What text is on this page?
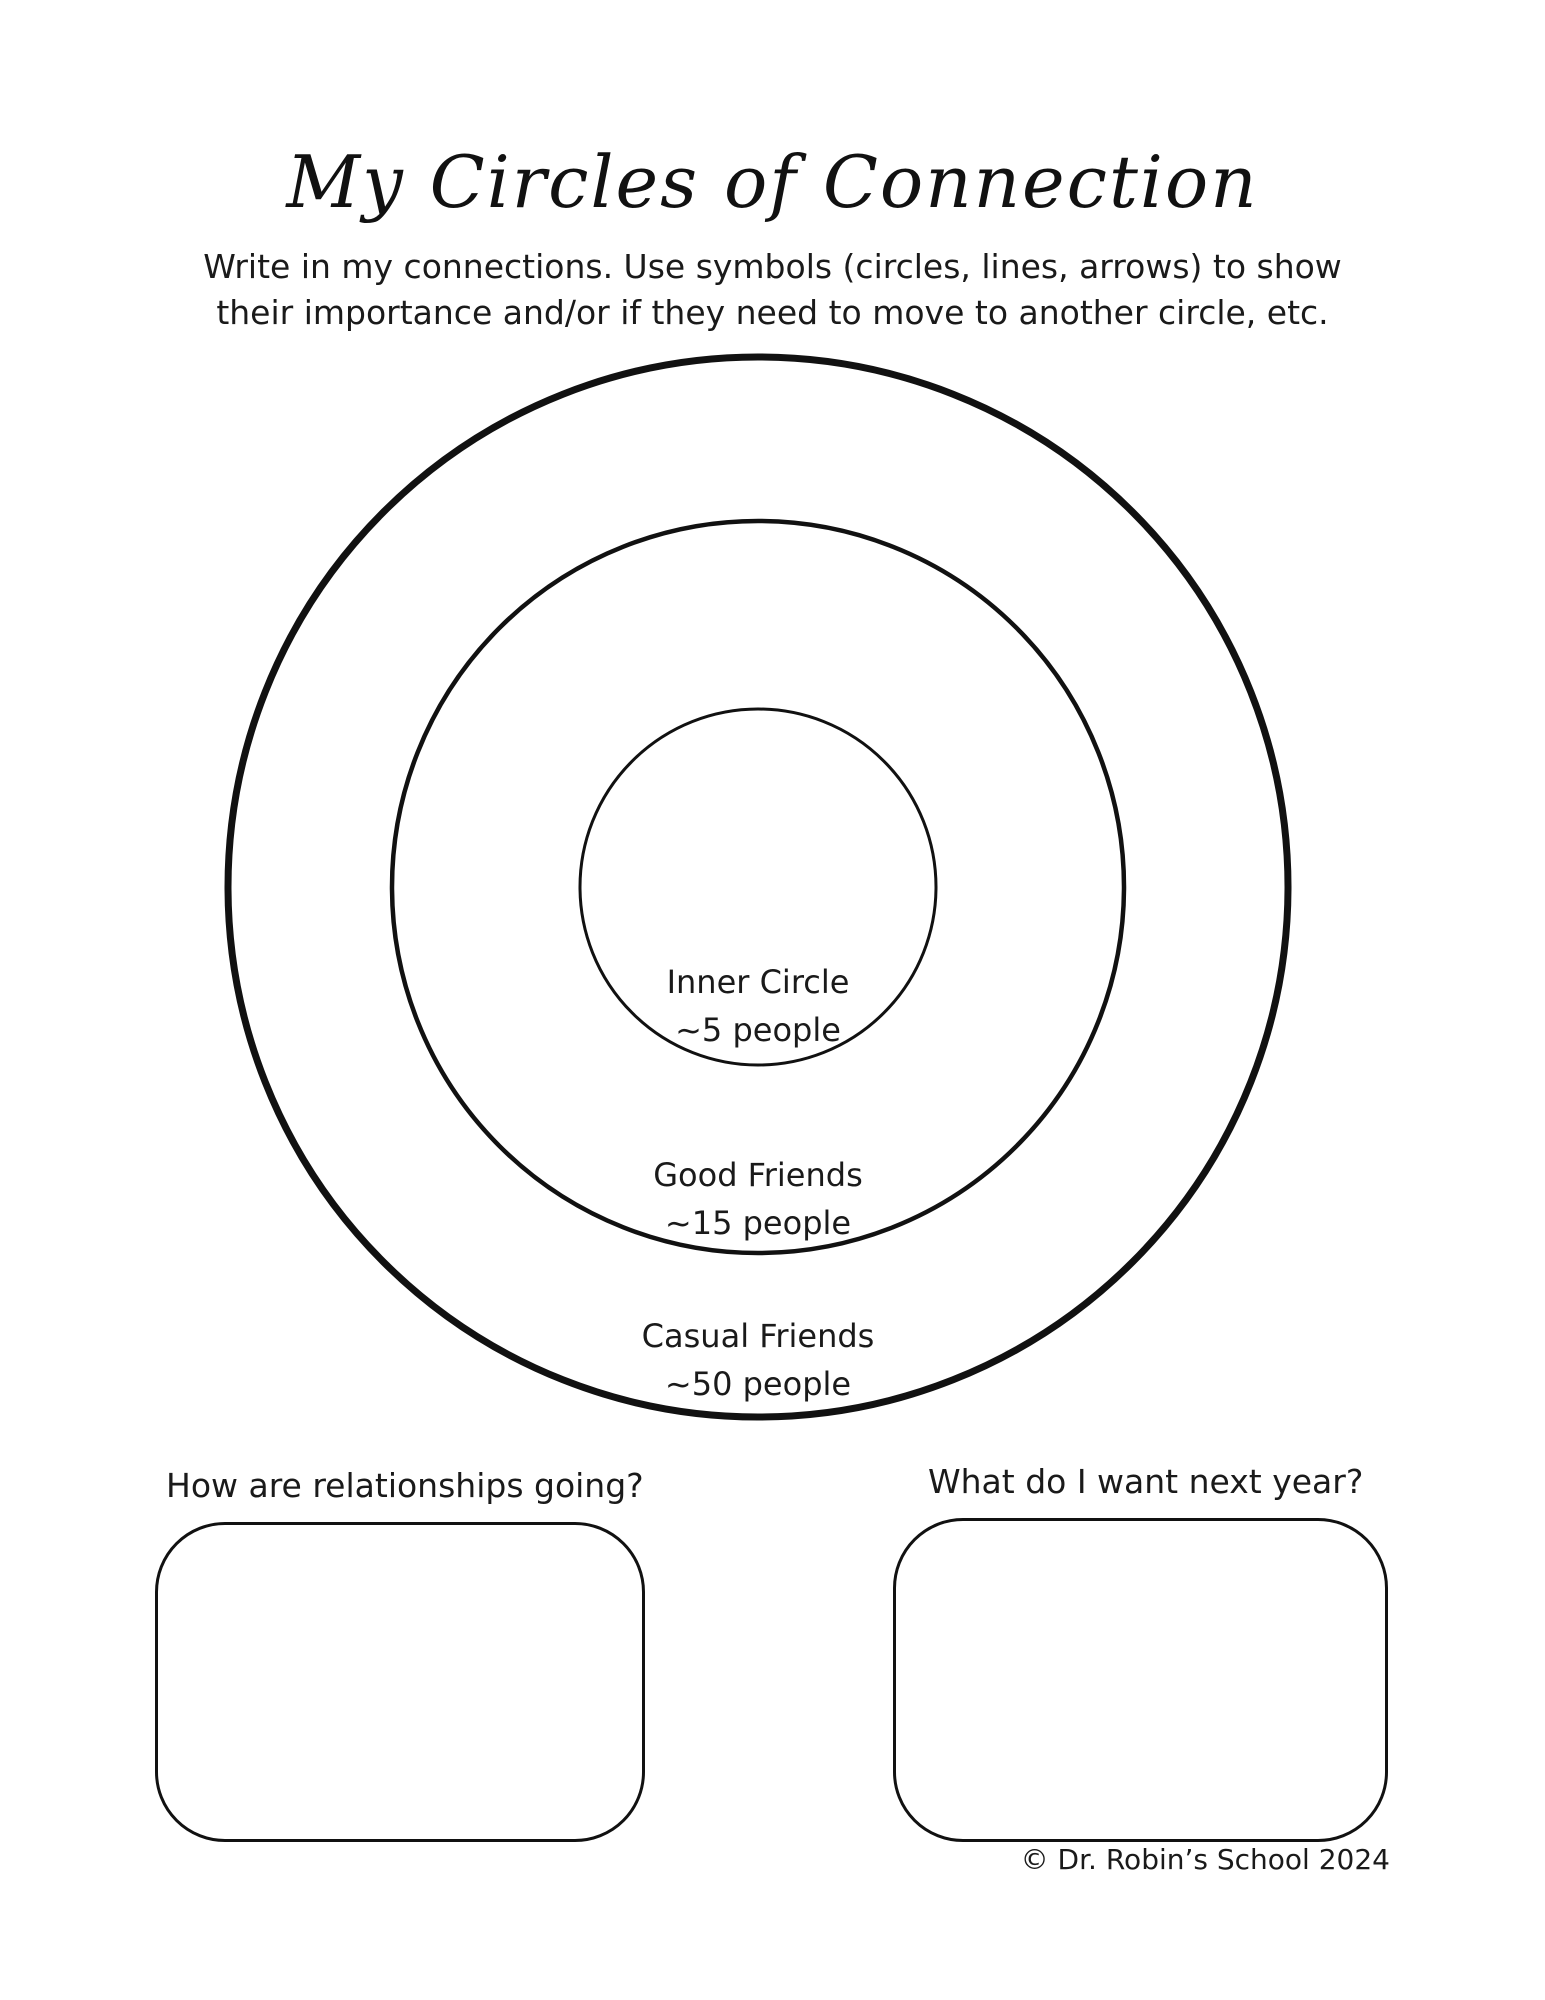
My Circles of Connection
Write in my connections. Use symbols (circles, lines, arrows) to show
their importance and/or if they need to move to another circle, etc.
Inner Circle
~5 people
Good Friends
~15 people
Casual Friends
~50 people
How are relationships going?	What do I want next year?
© Dr. Robin’s School 2024
